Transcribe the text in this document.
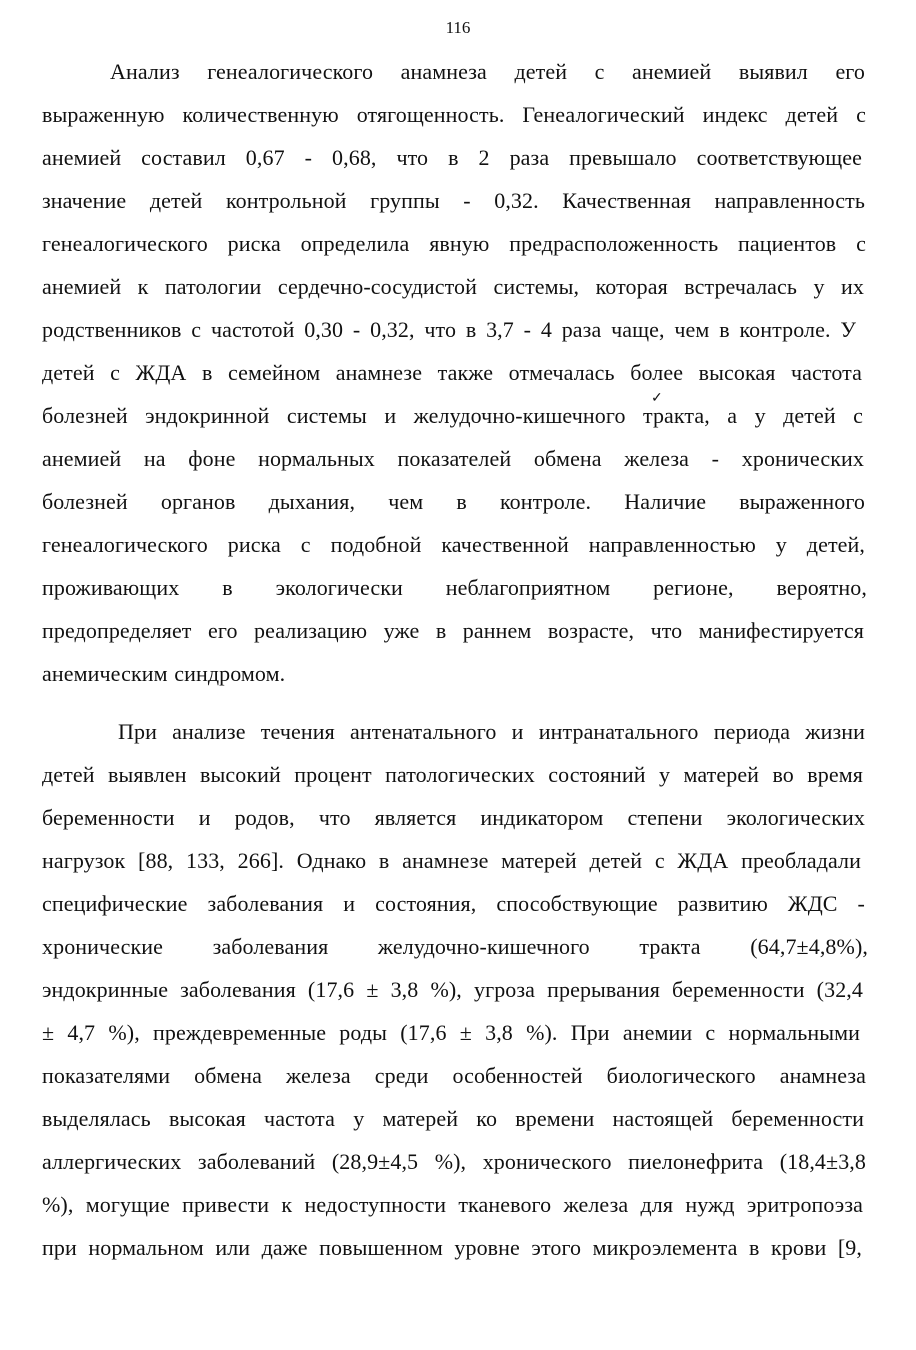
116
✓
Анализ генеалогического анамнеза детей с анемией выявил его
выраженную количественную отягощенность. Генеалогический индекс детей с
анемией составил 0,67 - 0,68, что в 2 раза превышало соответствующее
значение детей контрольной группы - 0,32. Качественная направленность
генеалогического риска определила явную предрасположенность пациентов с
анемией к патологии сердечно-сосудистой системы, которая встречалась у их
родственников с частотой 0,30 - 0,32, что в 3,7 - 4 раза чаще, чем в контроле. У
детей с ЖДА в семейном анамнезе также отмечалась более высокая частота
болезней эндокринной системы и желудочно-кишечного тракта, а у детей с
анемией на фоне нормальных показателей обмена железа - хронических
болезней органов дыхания, чем в контроле. Наличие выраженного
генеалогического риска с подобной качественной направленностью у детей,
проживающих в экологически неблагоприятном регионе, вероятно,
предопределяет его реализацию уже в раннем возрасте, что манифестируется
анемическим синдромом.
При анализе течения антенатального и интранатального периода жизни
детей выявлен высокий процент патологических состояний у матерей во время
беременности и родов, что является индикатором степени экологических
нагрузок [88, 133, 266]. Однако в анамнезе матерей детей с ЖДА преобладали
специфические заболевания и состояния, способствующие развитию ЖДС -
хронические заболевания желудочно-кишечного тракта (64,7±4,8%),
эндокринные заболевания (17,6 ± 3,8 %), угроза прерывания беременности (32,4
± 4,7 %), преждевременные роды (17,6 ± 3,8 %). При анемии с нормальными
показателями обмена железа среди особенностей биологического анамнеза
выделялась высокая частота у матерей ко времени настоящей беременности
аллергических заболеваний (28,9±4,5 %), хронического пиелонефрита (18,4±3,8
%), могущие привести к недоступности тканевого железа для нужд эритропоэза
при нормальном или даже повышенном уровне этого микроэлемента в крови [9,
